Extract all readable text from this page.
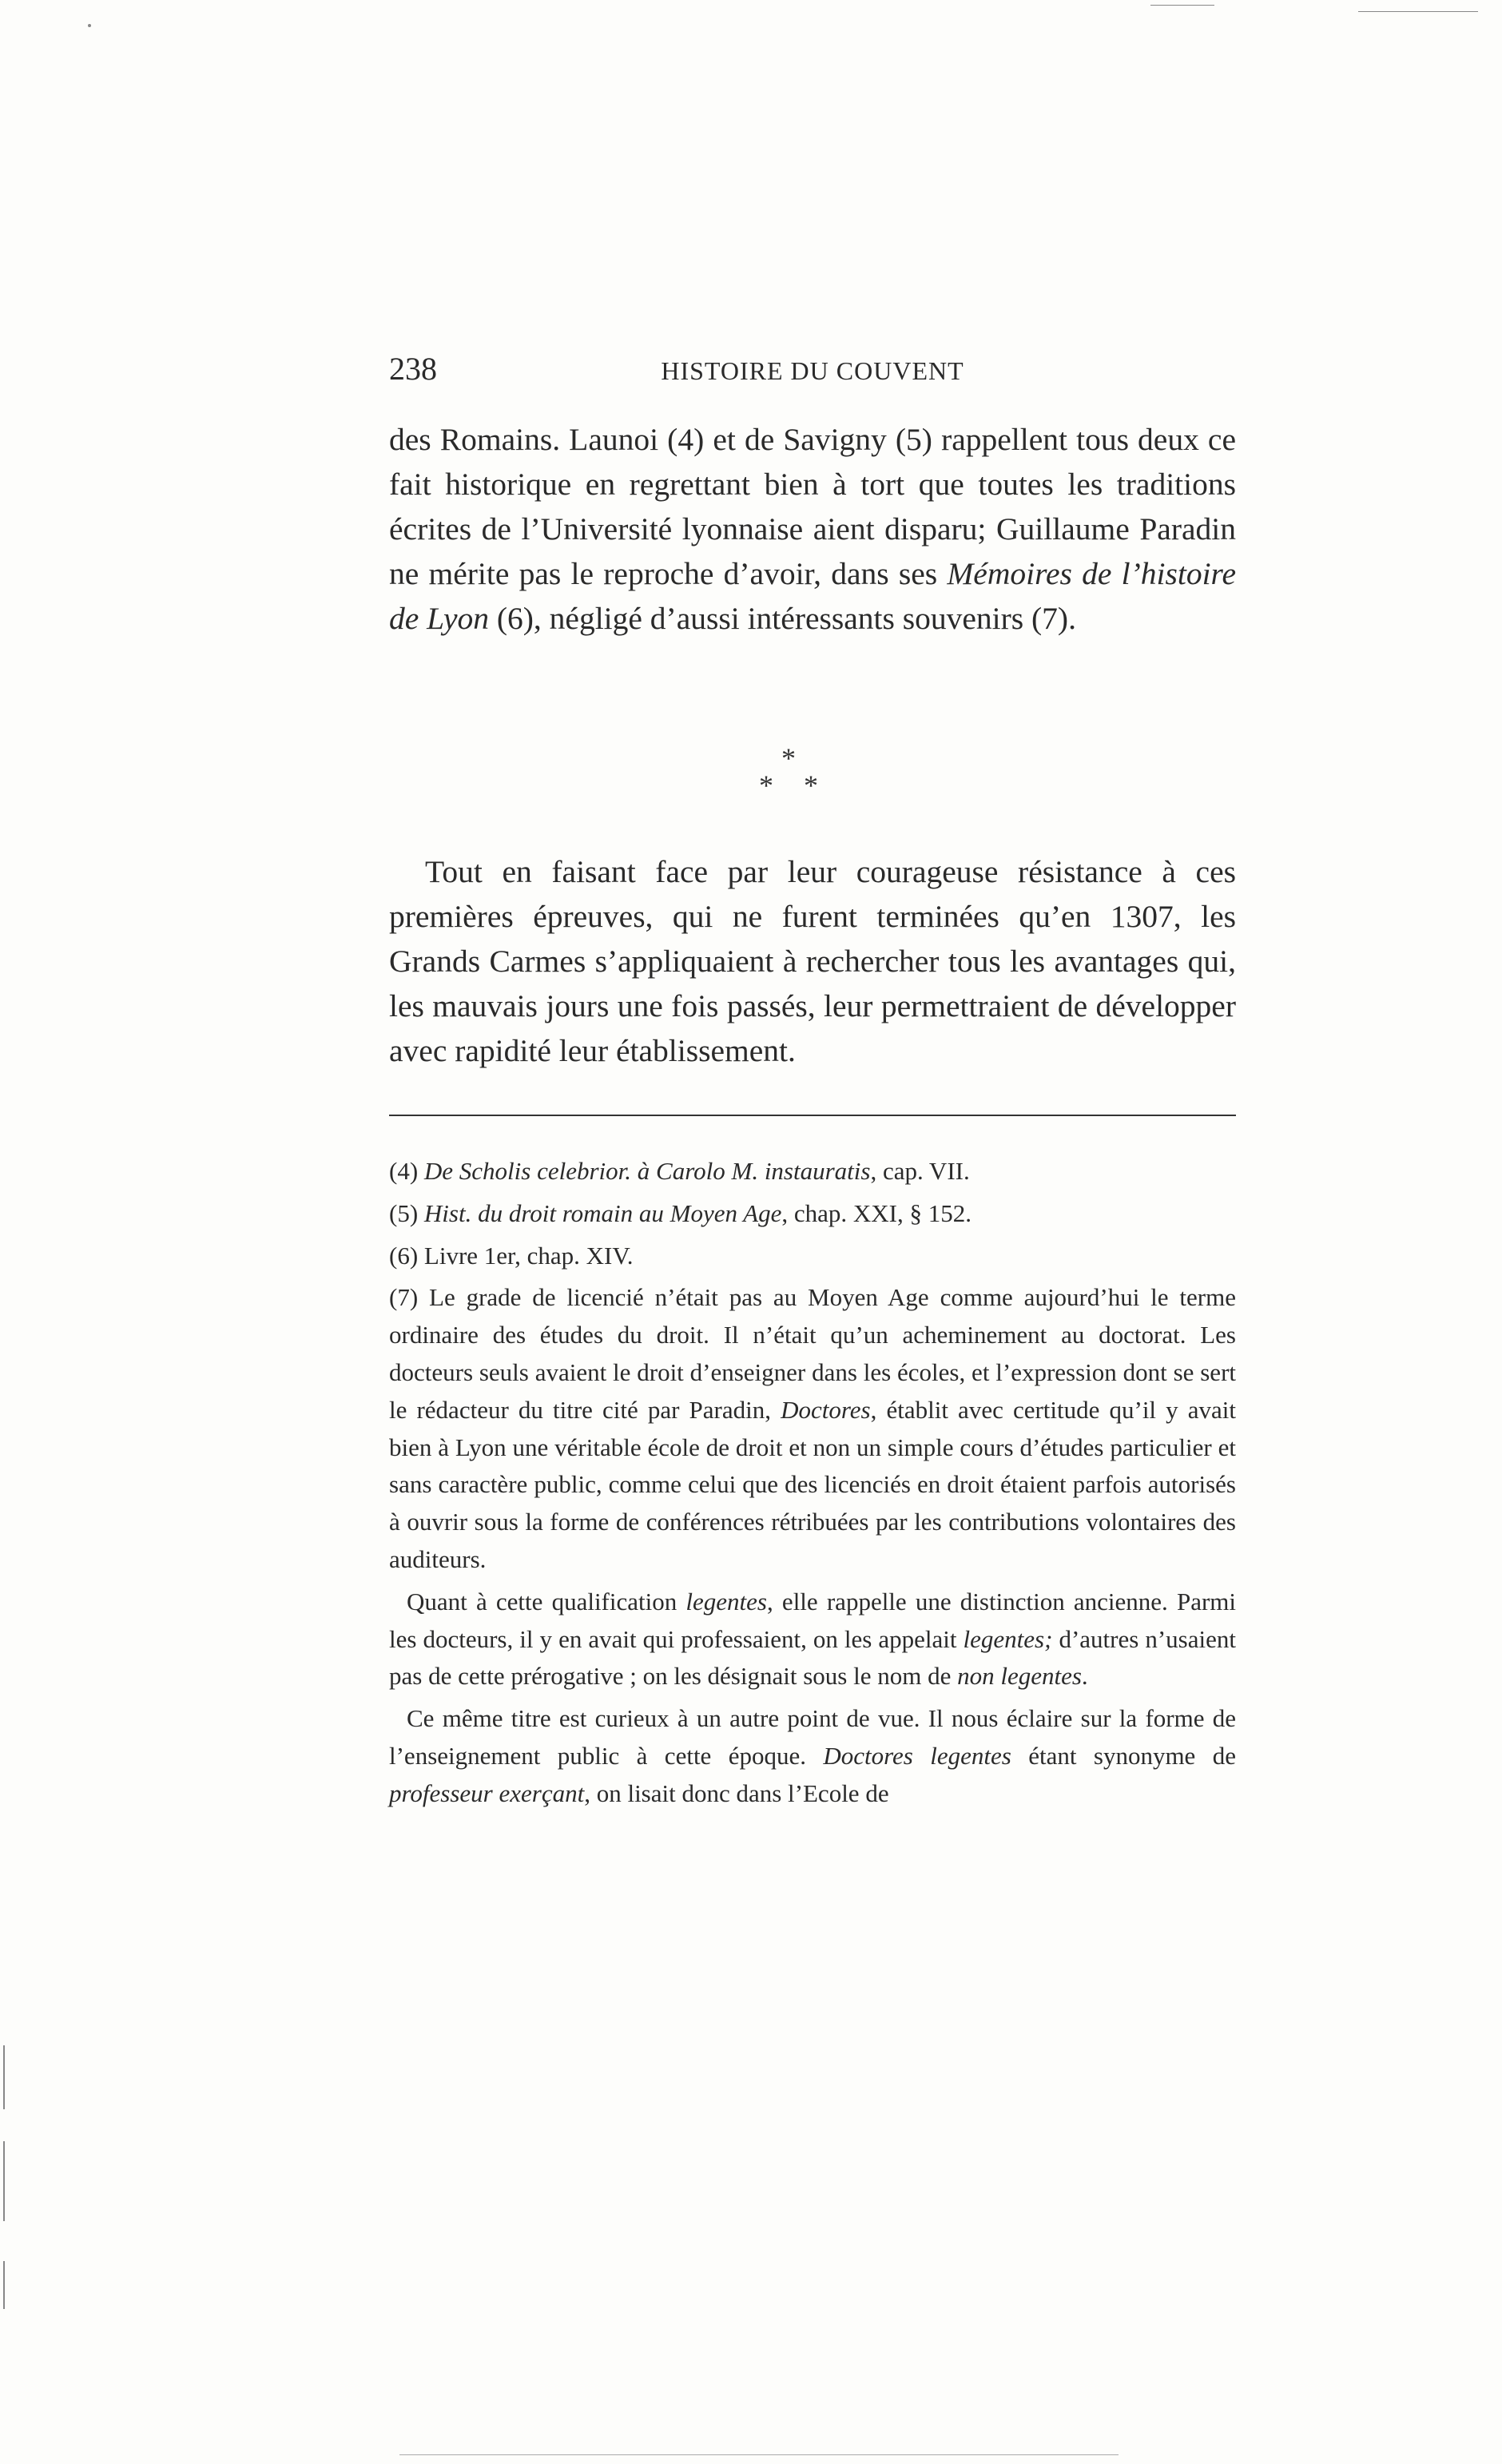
238	HISTOIRE DU COUVENT

des Romains. Launoi (4) et de Savigny (5) rappellent tous deux ce fait historique en regrettant bien à tort que toutes les traditions écrites de l’Université lyonnaise aient disparu; Guillaume Paradin ne mérite pas le reproche d’avoir, dans ses Mémoires de l’histoire de Lyon (6), négligé d’aussi intéressants souvenirs (7).

*
* *

Tout en faisant face par leur courageuse résistance à ces premières épreuves, qui ne furent terminées qu’en 1307, les Grands Carmes s’appliquaient à rechercher tous les avantages qui, les mauvais jours une fois passés, leur permettraient de développer avec rapidité leur établissement.

(4) De Scholis celebrior. à Carolo M. instauratis, cap. VII.

(5) Hist. du droit romain au Moyen Age, chap. XXI, § 152.

(6) Livre 1er, chap. XIV.

(7) Le grade de licencié n’était pas au Moyen Age comme aujourd’hui le terme ordinaire des études du droit. Il n’était qu’un acheminement au doctorat. Les docteurs seuls avaient le droit d’enseigner dans les écoles, et l’expression dont se sert le rédacteur du titre cité par Paradin, Doctores, établit avec certitude qu’il y avait bien à Lyon une véritable école de droit et non un simple cours d’études particulier et sans caractère public, comme celui que des licenciés en droit étaient parfois autorisés à ouvrir sous la forme de conférences rétribuées par les contributions volontaires des auditeurs.

Quant à cette qualification legentes, elle rappelle une distinction ancienne. Parmi les docteurs, il y en avait qui professaient, on les appelait legentes; d’autres n’usaient pas de cette prérogative ; on les désignait sous le nom de non legentes.

Ce même titre est curieux à un autre point de vue. Il nous éclaire sur la forme de l’enseignement public à cette époque. Doctores legentes étant synonyme de professeur exerçant, on lisait donc dans l’Ecole de
